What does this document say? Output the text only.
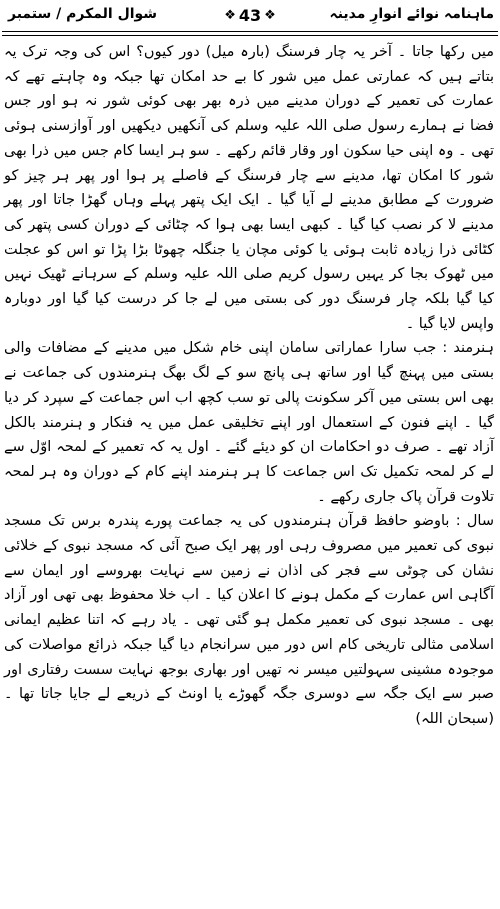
ماہنامہ نوائے انوارِ مدینہ
❖ 43 ❖
شوال المکرم / ستمبر

میں رکھا جاتا ۔ آخر یہ چار فرسنگ (بارہ میل) دور کیوں؟ اس کی وجہ ترک یہ بتاتے ہیں کہ عمارتی عمل میں شور کا بے حد امکان تھا جبکہ وہ چاہتے تھے کہ عمارت کی تعمیر کے دوران مدینے میں ذرہ بھر بھی کوئی شور نہ ہو اور جس فضا نے ہمارے رسول صلی اللہ علیہ وسلم کی آنکھیں دیکھیں اور آوازسنی ہوئی تھی ۔ وہ اپنی حیا سکون اور وقار قائم رکھے ۔ سو ہر ایسا کام جس میں ذرا بھی شور کا امکان تھا، مدینے سے چار فرسنگ کے فاصلے پر ہوا اور پھر ہر چیز کو ضرورت کے مطابق مدینے لے آیا گیا ۔ ایک ایک پتھر پہلے وہاں گھڑا جاتا اور پھر مدینے لا کر نصب کیا گیا ۔ کبھی ایسا بھی ہوا کہ چٹائی کے دوران کسی پتھر کی کٹائی ذرا زیادہ ثابت ہوئی یا کوئی مچان یا جنگلہ چھوٹا بڑا پڑا تو اس کو عجلت میں ٹھوک بجا کر یہیں رسول کریم صلی اللہ علیہ وسلم کے سرہانے ٹھیک نہیں کیا گیا بلکہ چار فرسنگ دور کی بستی میں لے جا کر درست کیا گیا اور دوبارہ واپس لایا گیا ۔

ہنرمند : جب سارا عماراتی سامان اپنی خام شکل میں مدینے کے مضافات والی بستی میں پہنچ گیا اور ساتھ ہی پانچ سو کے لگ بھگ ہنرمندوں کی جماعت نے بھی اس بستی میں آکر سکونت پالی تو سب کچھ اب اس جماعت کے سپرد کر دیا گیا ۔ اپنے فنون کے استعمال اور اپنے تخلیقی عمل میں یہ فنکار و ہنرمند بالکل آزاد تھے ۔ صرف دو احکامات ان کو دیئے گئے ۔ اول یہ کہ تعمیر کے لمحہ اوّل سے لے کر لمحہ تکمیل تک اس جماعت کا ہر ہنرمند اپنے کام کے دوران وہ ہر لمحہ تلاوت قرآن پاک جاری رکھے ۔

سال : باوضو حافظ قرآن ہنرمندوں کی یہ جماعت پورے پندرہ برس تک مسجد نبوی کی تعمیر میں مصروف رہی اور پھر ایک صبح آئی کہ مسجد نبوی کے خلائی نشان کی چوٹی سے فجر کی اذان نے زمین سے نہایت بھروسے اور ایمان سے آگاہی اس عمارت کے مکمل ہونے کا اعلان کیا ۔ اب خلا محفوظ بھی تھی اور آزاد بھی ۔ مسجد نبوی کی تعمیر مکمل ہو گئی تھی ۔ یاد رہے کہ اتنا عظیم ایمانی اسلامی مثالی تاریخی کام اس دور میں سرانجام دیا گیا جبکہ ذرائع مواصلات کی موجودہ مشینی سہولتیں میسر نہ تھیں اور بھاری بوجھ نہایت سست رفتاری اور صبر سے ایک جگہ سے دوسری جگہ گھوڑے یا اونٹ کے ذریعے لے جایا جاتا تھا ۔ (سبحان اللہ)
